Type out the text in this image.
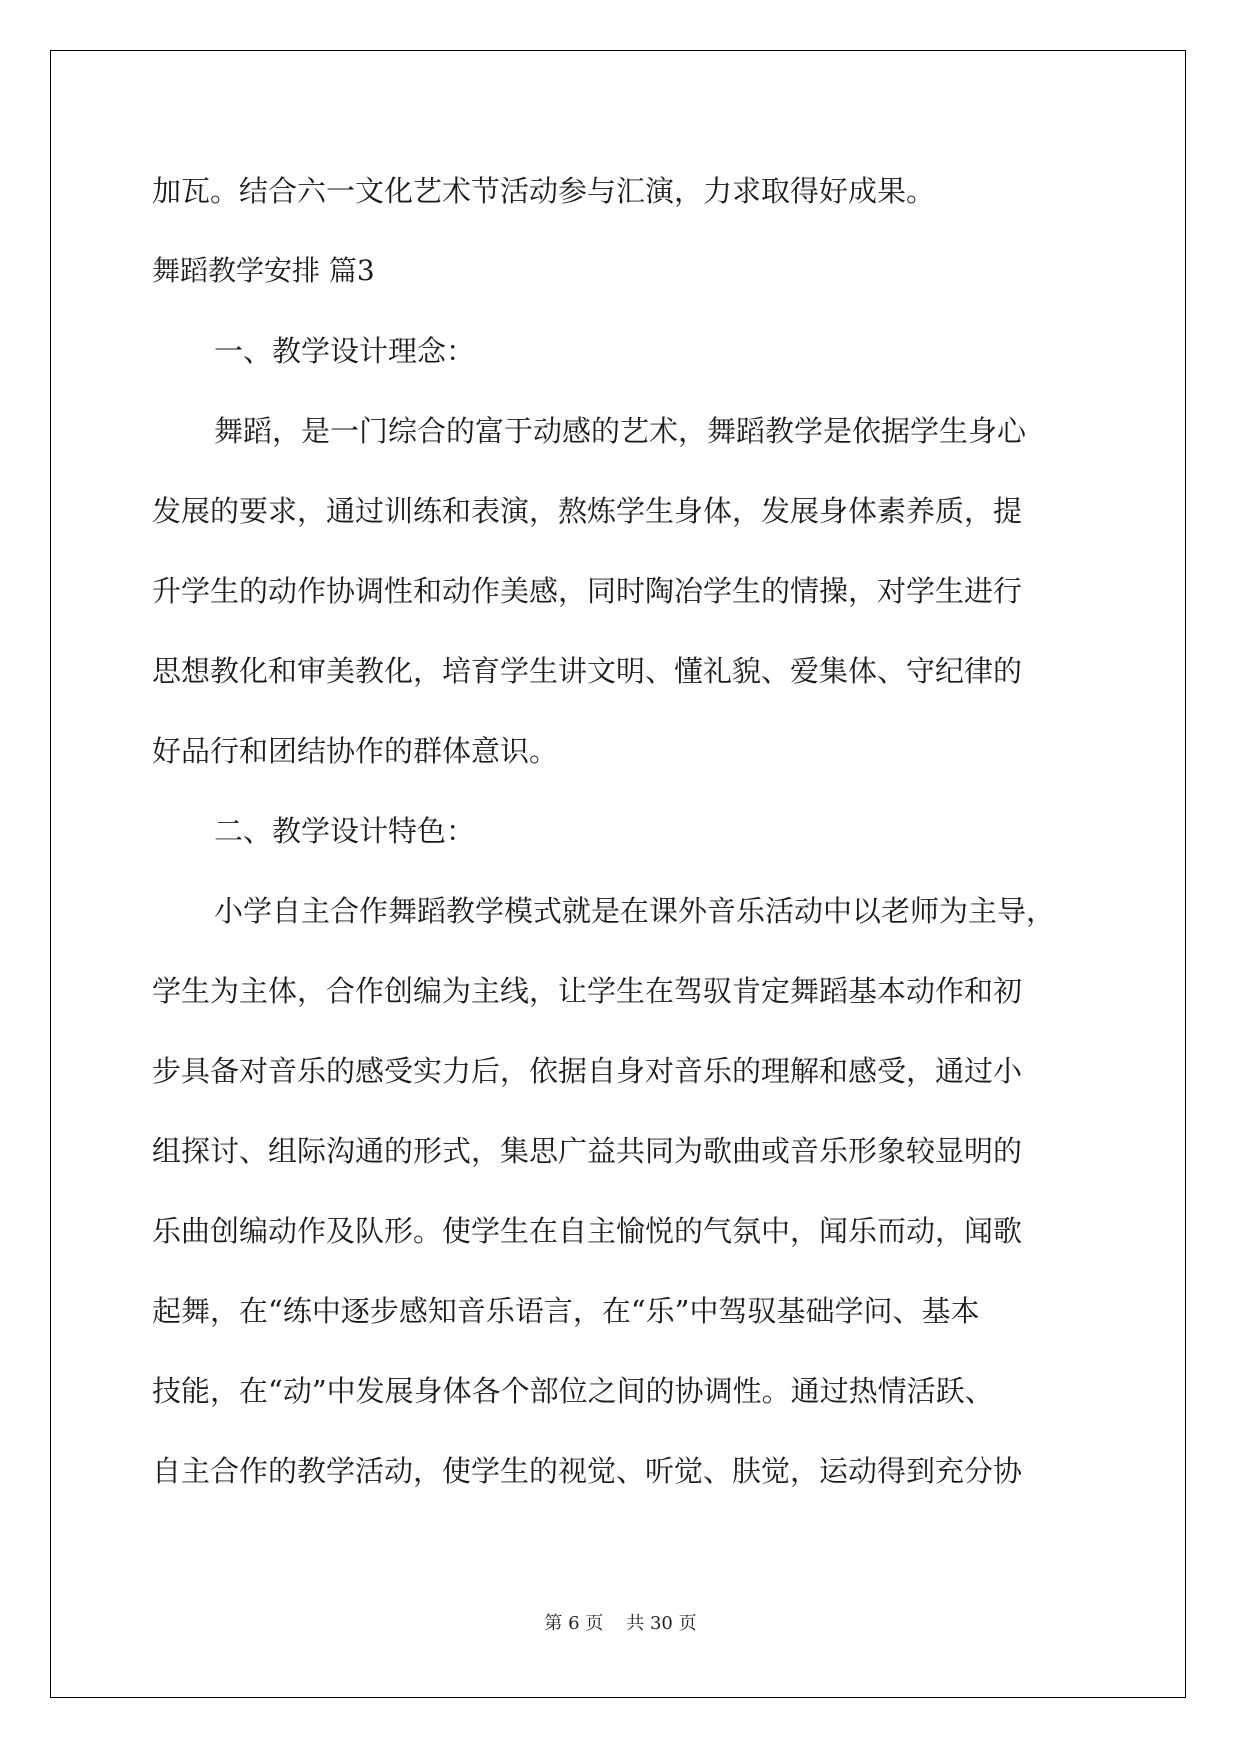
加瓦。结合六一文化艺术节活动参与汇演，力求取得好成果。
舞蹈教学安排 篇3
一、教学设计理念：
舞蹈，是一门综合的富于动感的艺术，舞蹈教学是依据学生身心
发展的要求，通过训练和表演，熬炼学生身体，发展身体素养质，提
升学生的动作协调性和动作美感，同时陶冶学生的情操，对学生进行
思想教化和审美教化，培育学生讲文明、懂礼貌、爱集体、守纪律的
好品行和团结协作的群体意识。
二、教学设计特色：
小学自主合作舞蹈教学模式就是在课外音乐活动中以老师为主导，
学生为主体，合作创编为主线，让学生在驾驭肯定舞蹈基本动作和初
步具备对音乐的感受实力后，依据自身对音乐的理解和感受，通过小
组探讨、组际沟通的形式，集思广益共同为歌曲或音乐形象较显明的
乐曲创编动作及队形。使学生在自主愉悦的气氛中，闻乐而动，闻歌
起舞，在“练中逐步感知音乐语言，在“乐”中驾驭基础学问、基本
技能，在“动”中发展身体各个部位之间的协调性。通过热情活跃、
自主合作的教学活动，使学生的视觉、听觉、肤觉，运动得到充分协
第 6 页 共 30 页
